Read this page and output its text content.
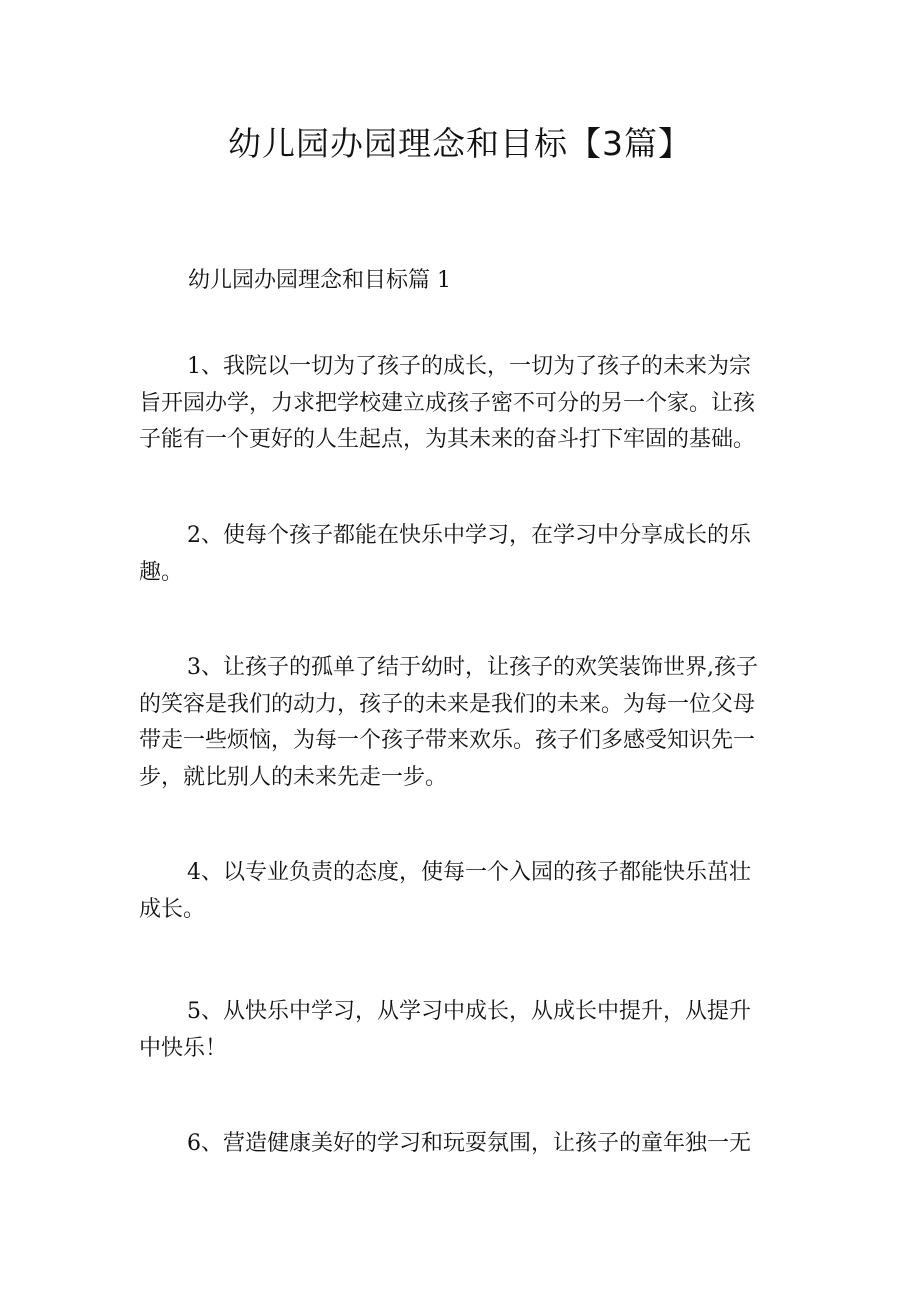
幼儿园办园理念和目标【3篇】

幼儿园办园理念和目标篇 1

1、我院以一切为了孩子的成长，一切为了孩子的未来为宗
旨开园办学，力求把学校建立成孩子密不可分的另一个家。让孩
子能有一个更好的人生起点，为其未来的奋斗打下牢固的基础。

2、使每个孩子都能在快乐中学习，在学习中分享成长的乐
趣。

3、让孩子的孤单了结于幼时，让孩子的欢笑装饰世界,孩子
的笑容是我们的动力，孩子的未来是我们的未来。为每一位父母
带走一些烦恼，为每一个孩子带来欢乐。孩子们多感受知识先一
步，就比别人的未来先走一步。

4、以专业负责的态度，使每一个入园的孩子都能快乐茁壮
成长。

5、从快乐中学习，从学习中成长，从成长中提升，从提升
中快乐！

6、营造健康美好的学习和玩耍氛围，让孩子的童年独一无
